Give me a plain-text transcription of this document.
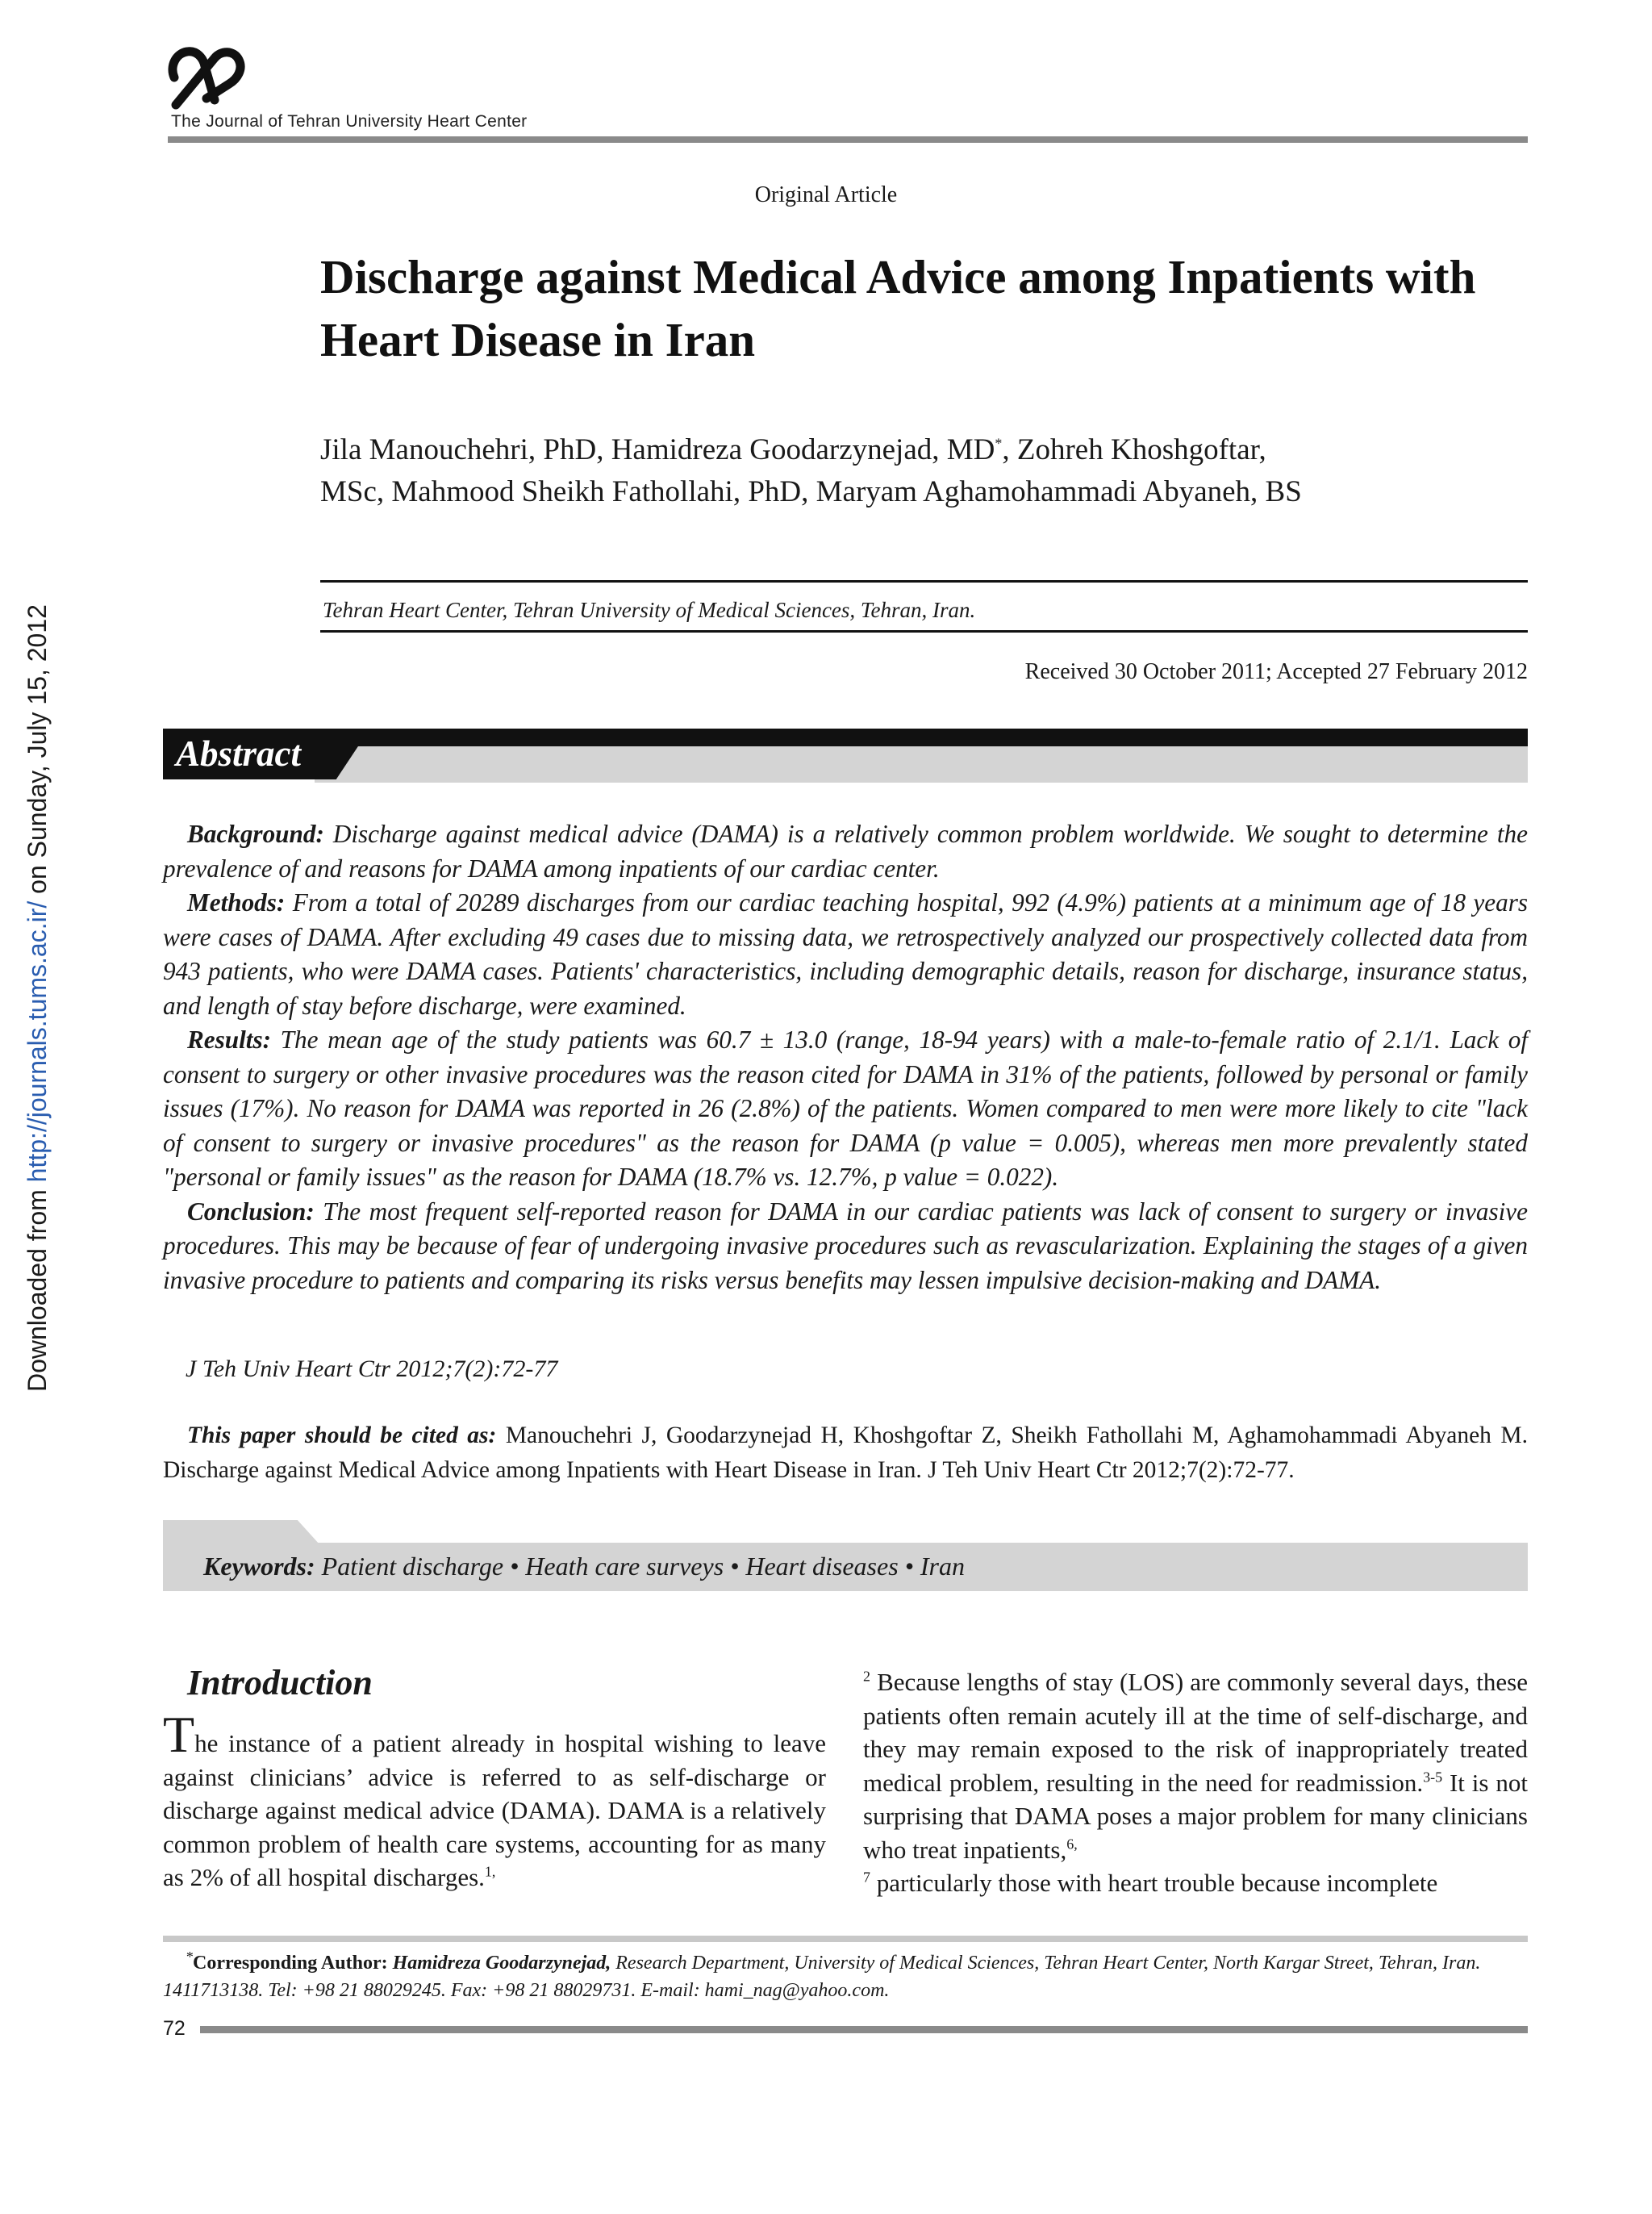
Downloaded from http://journals.tums.ac.ir/ on Sunday, July 15, 2012
The Journal of Tehran University Heart Center
Original Article
Discharge against Medical Advice among Inpatients with Heart Disease in Iran
Jila Manouchehri, PhD, Hamidreza Goodarzynejad, MD*, Zohreh Khoshgoftar,
MSc, Mahmood Sheikh Fathollahi, PhD, Maryam Aghamohammadi Abyaneh, BS
Tehran Heart Center, Tehran University of Medical Sciences, Tehran, Iran.
Received 30 October 2011; Accepted 27 February 2012
Abstract

Background: Discharge against medical advice (DAMA) is a relatively common problem worldwide. We sought to determine the prevalence of and reasons for DAMA among inpatients of our cardiac center.

Methods: From a total of 20289 discharges from our cardiac teaching hospital, 992 (4.9%) patients at a minimum age of 18 years were cases of DAMA. After excluding 49 cases due to missing data, we retrospectively analyzed our prospectively collected data from 943 patients, who were DAMA cases. Patients' characteristics, including demographic details, reason for discharge, insurance status, and length of stay before discharge, were examined.

Results: The mean age of the study patients was 60.7 ± 13.0 (range, 18-94 years) with a male-to-female ratio of 2.1/1. Lack of consent to surgery or other invasive procedures was the reason cited for DAMA in 31% of the patients, followed by personal or family issues (17%). No reason for DAMA was reported in 26 (2.8%) of the patients. Women compared to men were more likely to cite "lack of consent to surgery or invasive procedures" as the reason for DAMA (p value = 0.005), whereas men more prevalently stated "personal or family issues" as the reason for DAMA (18.7% vs. 12.7%, p value = 0.022).

Conclusion: The most frequent self-reported reason for DAMA in our cardiac patients was lack of consent to surgery or invasive procedures. This may be because of fear of undergoing invasive procedures such as revascularization. Explaining the stages of a given invasive procedure to patients and comparing its risks versus benefits may lessen impulsive decision-making and DAMA.

J Teh Univ Heart Ctr 2012;7(2):72-77
This paper should be cited as: Manouchehri J, Goodarzynejad H, Khoshgoftar Z, Sheikh Fathollahi M, Aghamohammadi Abyaneh M. Discharge against Medical Advice among Inpatients with Heart Disease in Iran. J Teh Univ Heart Ctr 2012;7(2):72-77.
Keywords: Patient discharge • Heath care surveys • Heart diseases • Iran
Introduction
The instance of a patient already in hospital wishing to leave against clinicians’ advice is referred to as self-discharge or discharge against medical advice (DAMA). DAMA is a relatively common problem of health care systems, accounting for as many as 2% of all hospital discharges.$^{1,}$
$^2$ Because lengths of stay (LOS) are commonly several days, these patients often remain acutely ill at the time of self-discharge, and they may remain exposed to the risk of inappropriately treated medical problem, resulting in the need for readmission.$^{3-5}$ It is not surprising that DAMA poses a major problem for many clinicians who treat inpatients,$^{6,}$
$^7$ particularly those with heart trouble because incomplete
*Corresponding Author: Hamidreza Goodarzynejad, Research Department, University of Medical Sciences, Tehran Heart Center, North Kargar Street, Tehran, Iran. 1411713138. Tel: +98 21 88029245. Fax: +98 21 88029731. E-mail: hami_nag@yahoo.com.
72
